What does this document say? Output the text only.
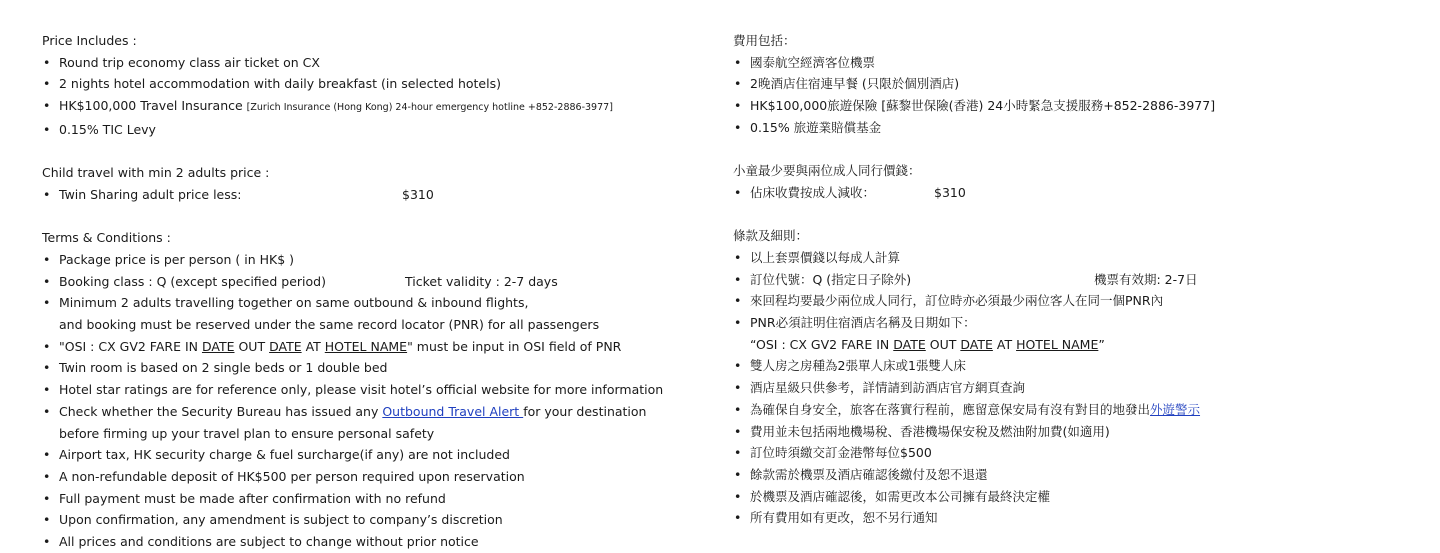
Price Includes :
• Round trip economy class air ticket on CX
• 2 nights hotel accommodation with daily breakfast (in selected hotels)
• HK$100,000 Travel Insurance [Zurich Insurance (Hong Kong) 24-hour emergency hotline +852-2886-3977]
• 0.15% TIC Levy
Child travel with min 2 adults price :
• Twin Sharing adult price less:	$310
Terms & Conditions :
• Package price is per person ( in HK$ )
• Booking class : Q (except specified period)	Ticket validity : 2-7 days
• Minimum 2 adults travelling together on same outbound & inbound flights,
and booking must be reserved under the same record locator (PNR) for all passengers
• "OSI : CX GV2 FARE IN DATE OUT DATE AT HOTEL NAME" must be input in OSI field of PNR
• Twin room is based on 2 single beds or 1 double bed
• Hotel star ratings are for reference only, please visit hotel’s official website for more information
• Check whether the Security Bureau has issued any Outbound Travel Alert for your destination
before firming up your travel plan to ensure personal safety
• Airport tax, HK security charge & fuel surcharge(if any) are not included
• A non-refundable deposit of HK$500 per person required upon reservation
• Full payment must be made after confirmation with no refund
• Upon confirmation, any amendment is subject to company’s discretion
• All prices and conditions are subject to change without prior notice
費用包括：
• 國泰航空經濟客位機票
• 2晚酒店住宿連早餐 (只限於個別酒店)
• HK$100,000旅遊保險 [蘇黎世保險(香港) 24小時緊急支援服務+852-2886-3977]
• 0.15% 旅遊業賠償基金
小童最少要與兩位成人同行價錢：
• 佔床收費按成人減收：	$310
條款及細則：
• 以上套票價錢以每成人計算
• 訂位代號：Q (指定日子除外)	機票有效期: 2-7日
• 來回程均要最少兩位成人同行，訂位時亦必須最少兩位客人在同一個PNR內
• PNR必須註明住宿酒店名稱及日期如下：
“OSI : CX GV2 FARE IN DATE OUT DATE AT HOTEL NAME”
• 雙人房之房種為2張單人床或1張雙人床
• 酒店星級只供參考，詳情請到訪酒店官方網頁查詢
• 為確保自身安全，旅客在落實行程前，應留意保安局有沒有對目的地發出外遊警示
• 費用並未包括兩地機場稅、香港機場保安稅及燃油附加費(如適用)
• 訂位時須繳交訂金港幣每位$500
• 餘款需於機票及酒店確認後繳付及恕不退還
• 於機票及酒店確認後，如需更改本公司擁有最終決定權
• 所有費用如有更改，恕不另行通知
